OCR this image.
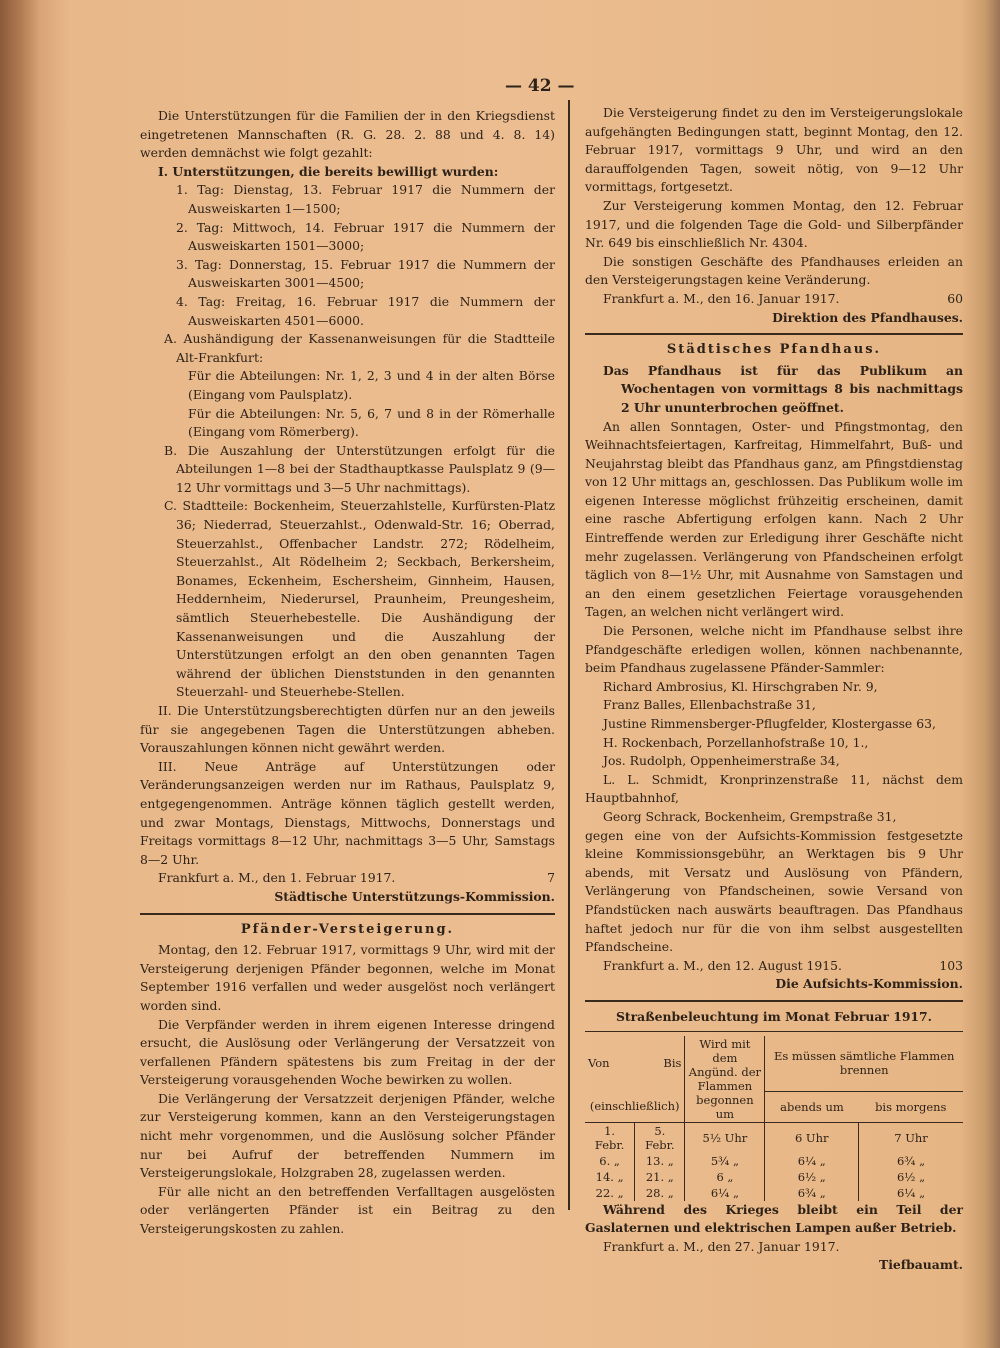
— 42 —

Die Unterstützungen für die Familien der in den Kriegsdienst eingetretenen Mannschaften (R. G. 28. 2. 88 und 4. 8. 14) werden demnächst wie folgt gezahlt:

I. Unterstützungen, die bereits bewilligt wurden:

1. Tag: Dienstag, 13. Februar 1917 die Nummern der Ausweiskarten 1—1500;

2. Tag: Mittwoch, 14. Februar 1917 die Nummern der Ausweiskarten 1501—3000;

3. Tag: Donnerstag, 15. Februar 1917 die Nummern der Ausweiskarten 3001—4500;

4. Tag: Freitag, 16. Februar 1917 die Nummern der Ausweiskarten 4501—6000.

A. Aushändigung der Kassenanweisungen für die Stadtteile Alt-Frankfurt:

Für die Abteilungen: Nr. 1, 2, 3 und 4 in der alten Börse (Eingang vom Paulsplatz).

Für die Abteilungen: Nr. 5, 6, 7 und 8 in der Römerhalle (Eingang vom Römerberg).

B. Die Auszahlung der Unterstützungen erfolgt für die Abteilungen 1—8 bei der Stadthauptkasse Paulsplatz 9 (9—12 Uhr vormittags und 3—5 Uhr nachmittags).

C. Stadtteile: Bockenheim, Steuerzahlstelle, Kurfürsten-Platz 36; Niederrad, Steuerzahlst., Odenwald-Str. 16; Oberrad, Steuerzahlst., Offenbacher Landstr. 272; Rödelheim, Steuerzahlst., Alt Rödelheim 2; Seckbach, Berkersheim, Bonames, Eckenheim, Eschersheim, Ginnheim, Hausen, Heddernheim, Niederursel, Praunheim, Preungesheim, sämtlich Steuerhebestelle. Die Aushändigung der Kassenanweisungen und die Auszahlung der Unterstützungen erfolgt an den oben genannten Tagen während der üblichen Dienststunden in den genannten Steuerzahl- und Steuerhebe-Stellen.

II. Die Unterstützungsberechtigten dürfen nur an den jeweils für sie angegebenen Tagen die Unterstützungen abheben. Vorauszahlungen können nicht gewährt werden.

III. Neue Anträge auf Unterstützungen oder Veränderungsanzeigen werden nur im Rathaus, Paulsplatz 9, entgegengenommen. Anträge können täglich gestellt werden, und zwar Montags, Dienstags, Mittwochs, Donnerstags und Freitags vormittags 8—12 Uhr, nachmittags 3—5 Uhr, Samstags 8—2 Uhr.

Frankfurt a. M., den 1. Februar 1917.	7

Städtische Unterstützungs-Kommission.

Pfänder-Versteigerung.

Montag, den 12. Februar 1917, vormittags 9 Uhr, wird mit der Versteigerung derjenigen Pfänder begonnen, welche im Monat September 1916 verfallen und weder ausgelöst noch verlängert worden sind.

Die Verpfänder werden in ihrem eigenen Interesse dringend ersucht, die Auslösung oder Verlängerung der Versatzzeit von verfallenen Pfändern spätestens bis zum Freitag in der der Versteigerung vorausgehenden Woche bewirken zu wollen.

Die Verlängerung der Versatzzeit derjenigen Pfänder, welche zur Versteigerung kommen, kann an den Versteigerungstagen nicht mehr vorgenommen, und die Auslösung solcher Pfänder nur bei Aufruf der betreffenden Nummern im Versteigerungslokale, Holzgraben 28, zugelassen werden.

Für alle nicht an den betreffenden Verfalltagen ausgelösten oder verlängerten Pfänder ist ein Beitrag zu den Versteigerungskosten zu zahlen.

Die Versteigerung findet zu den im Versteigerungslokale aufgehängten Bedingungen statt, beginnt Montag, den 12. Februar 1917, vormittags 9 Uhr, und wird an den darauffolgenden Tagen, soweit nötig, von 9—12 Uhr vormittags, fortgesetzt.

Zur Versteigerung kommen Montag, den 12. Februar 1917, und die folgenden Tage die Gold- und Silberpfänder Nr. 649 bis einschließlich Nr. 4304.

Die sonstigen Geschäfte des Pfandhauses erleiden an den Versteigerungstagen keine Veränderung.

Frankfurt a. M., den 16. Januar 1917.	60

Direktion des Pfandhauses.

Städtisches Pfandhaus.

Das Pfandhaus ist für das Publikum an Wochentagen von vormittags 8 bis nachmittags 2 Uhr ununterbrochen geöffnet.

An allen Sonntagen, Oster- und Pfingstmontag, den Weihnachtsfeiertagen, Karfreitag, Himmelfahrt, Buß- und Neujahrstag bleibt das Pfandhaus ganz, am Pfingstdienstag von 12 Uhr mittags an, geschlossen. Das Publikum wolle im eigenen Interesse möglichst frühzeitig erscheinen, damit eine rasche Abfertigung erfolgen kann. Nach 2 Uhr Eintreffende werden zur Erledigung ihrer Geschäfte nicht mehr zugelassen. Verlängerung von Pfandscheinen erfolgt täglich von 8—1½ Uhr, mit Ausnahme von Samstagen und an den einem gesetzlichen Feiertage vorausgehenden Tagen, an welchen nicht verlängert wird.

Die Personen, welche nicht im Pfandhause selbst ihre Pfandgeschäfte erledigen wollen, können nachbenannte, beim Pfandhaus zugelassene Pfänder-Sammler:

Richard Ambrosius, Kl. Hirschgraben Nr. 9,

Franz Balles, Ellenbachstraße 31,

Justine Rimmensberger-Pflugfelder, Klostergasse 63,

H. Rockenbach, Porzellanhofstraße 10, 1.,

Jos. Rudolph, Oppenheimerstraße 34,

L. L. Schmidt, Kronprinzenstraße 11, nächst dem Hauptbahnhof,

Georg Schrack, Bockenheim, Grempstraße 31,

gegen eine von der Aufsichts-Kommission festgesetzte kleine Kommissionsgebühr, an Werktagen bis 9 Uhr abends, mit Versatz und Auslösung von Pfändern, Verlängerung von Pfandscheinen, sowie Versand von Pfandstücken nach auswärts beauftragen. Das Pfandhaus haftet jedoch nur für die von ihm selbst ausgestellten Pfandscheine.

Frankfurt a. M., den 12. August 1915.	103

Die Aufsichts-Kommission.

Straßenbeleuchtung im Monat Februar 1917.

Von	Bis	Wird mit dem Angünd. der Flammen begonnen um	Es müssen sämtliche Flammen brennen	
(einschließlich)			abends um	bis morgens
1. Febr.	5. Febr.	5½ Uhr	6 Uhr	7 Uhr
6. „	13. „	5¾ „	6¼ „	6¾ „
14. „	21. „	6 „	6½ „	6½ „
22. „	28. „	6¼ „	6¾ „	6¼ „

Während des Krieges bleibt ein Teil der Gaslaternen und elektrischen Lampen außer Betrieb.

Frankfurt a. M., den 27. Januar 1917.

Tiefbauamt.
